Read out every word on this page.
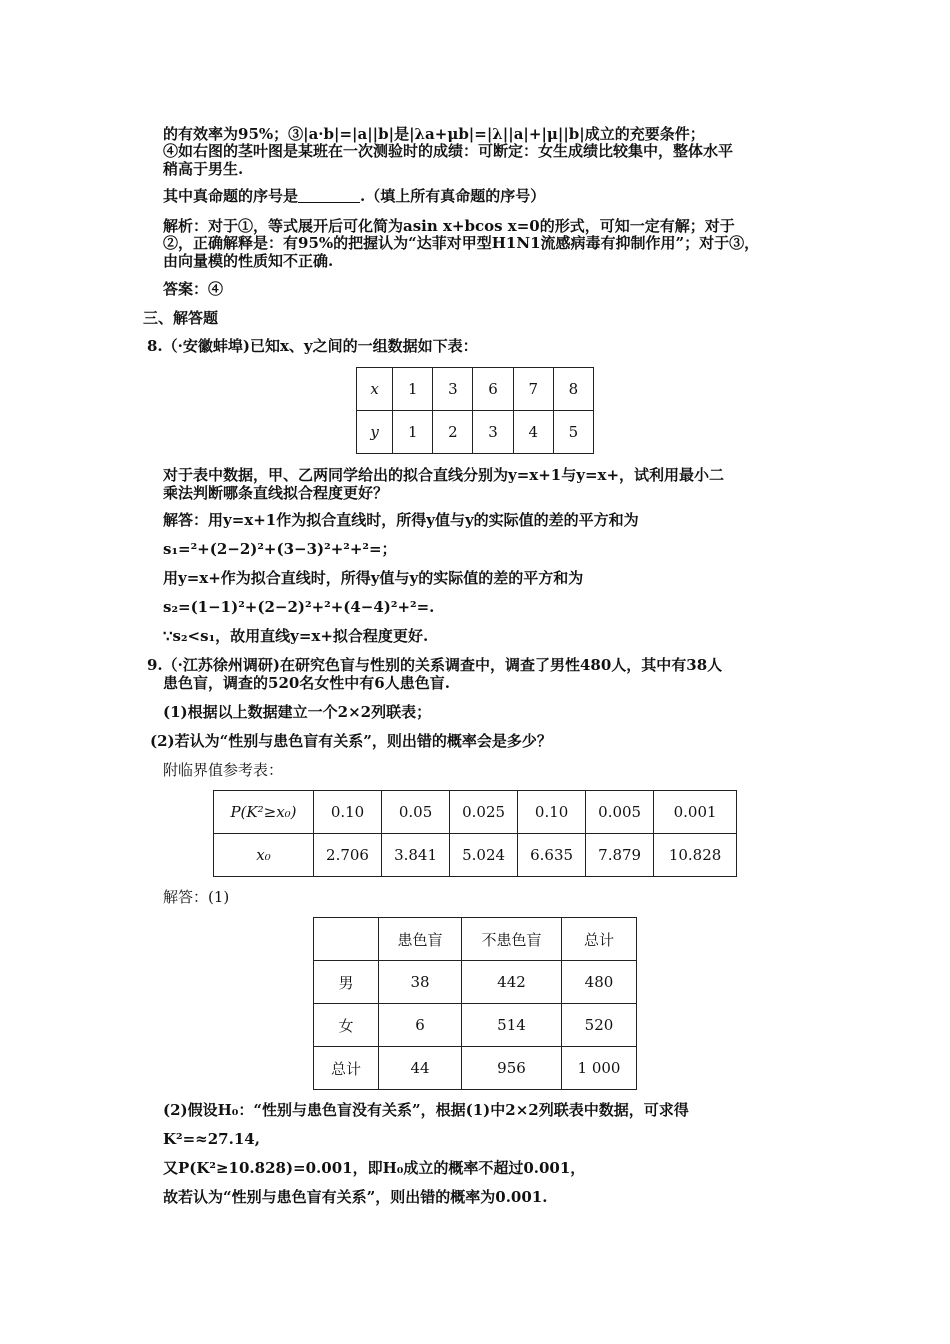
的有效率为95%；③|a·b|=|a||b|是|λa+μb|=|λ||a|+|μ||b|成立的充要条件；
④如右图的茎叶图是某班在一次测验时的成绩：可断定：女生成绩比较集中，整体水平
稍高于男生.
其中真命题的序号是	.（填上所有真命题的序号）
解析：对于①，等式展开后可化简为asin x+bcos x=0的形式，可知一定有解；对于
②，正确解释是：有95%的把握认为“达菲对甲型H1N1流感病毒有抑制作用”；对于③，
由向量模的性质知不正确.
答案：④
三、解答题
8.（·安徽蚌埠)已知x、y之间的一组数据如下表：
x	1	3	6	7	8
y	1	2	3	4	5
对于表中数据，甲、乙两同学给出的拟合直线分别为y=x+1与y=x+，试利用最小二
乘法判断哪条直线拟合程度更好？
解答：用y=x+1作为拟合直线时，所得y值与y的实际值的差的平方和为
s₁=²+(2−2)²+(3−3)²+²+²=；
用y=x+作为拟合直线时，所得y值与y的实际值的差的平方和为
s₂=(1−1)²+(2−2)²+²+(4−4)²+²=.
∵s₂<s₁，故用直线y=x+拟合程度更好.
9.（·江苏徐州调研)在研究色盲与性别的关系调查中，调查了男性480人，其中有38人
患色盲，调查的520名女性中有6人患色盲.
(1)根据以上数据建立一个2×2列联表；
(2)若认为“性别与患色盲有关系”，则出错的概率会是多少？
附临界值参考表：
P(K²≥x₀)	0.10	0.05	0.025	0.10	0.005	0.001
x₀	2.706	3.841	5.024	6.635	7.879	10.828
解答：(1)
	患色盲	不患色盲	总计
男	38	442	480
女	6	514	520
总计	44	956	1 000
(2)假设H₀：“性别与患色盲没有关系”，根据(1)中2×2列联表中数据，可求得
K²=≈27.14,
又P(K²≥10.828)=0.001，即H₀成立的概率不超过0.001，
故若认为“性别与患色盲有关系”，则出错的概率为0.001.
